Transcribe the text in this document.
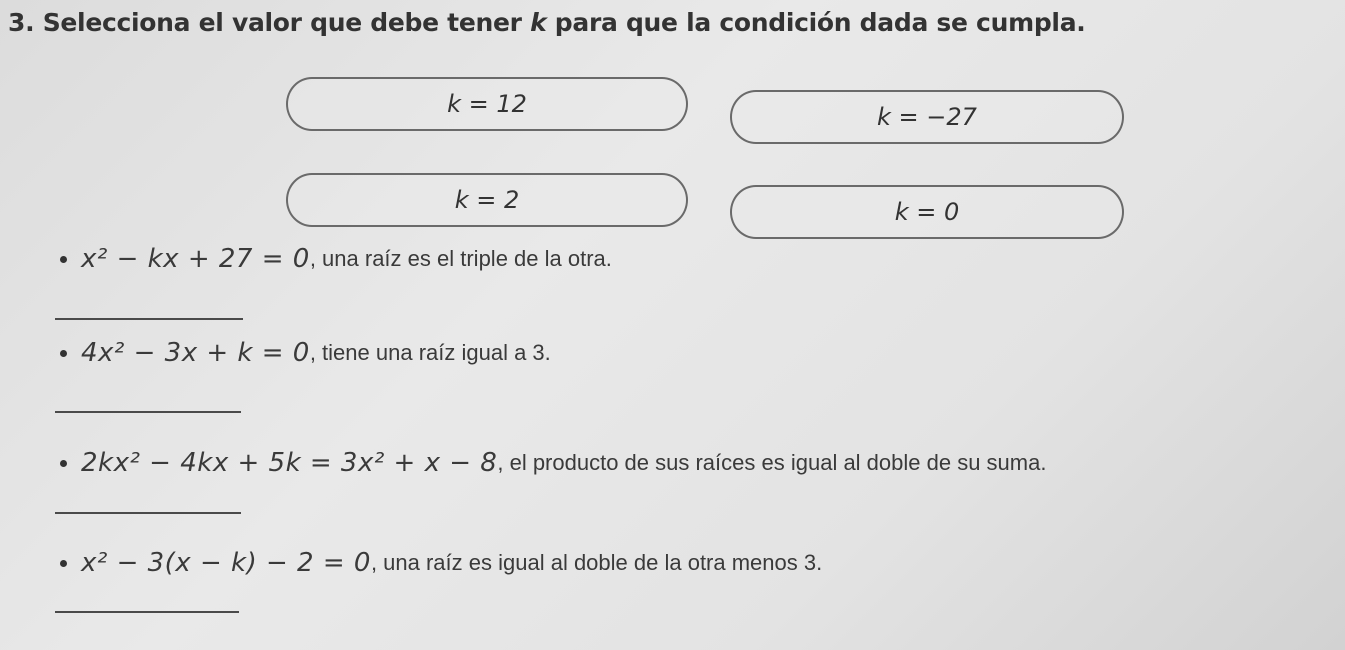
3. Selecciona el valor que debe tener k para que la condición dada se cumpla.
k = 12	k = −27
k = 2	k = 0
x² − kx + 27 = 0 , una raíz es el triple de la otra.
4x² − 3x + k = 0 , tiene una raíz igual a 3.
2kx² − 4kx + 5k = 3x² + x − 8 , el producto de sus raíces es igual al doble de su suma.
x² − 3(x − k) − 2 = 0 , una raíz es igual al doble de la otra menos 3.
